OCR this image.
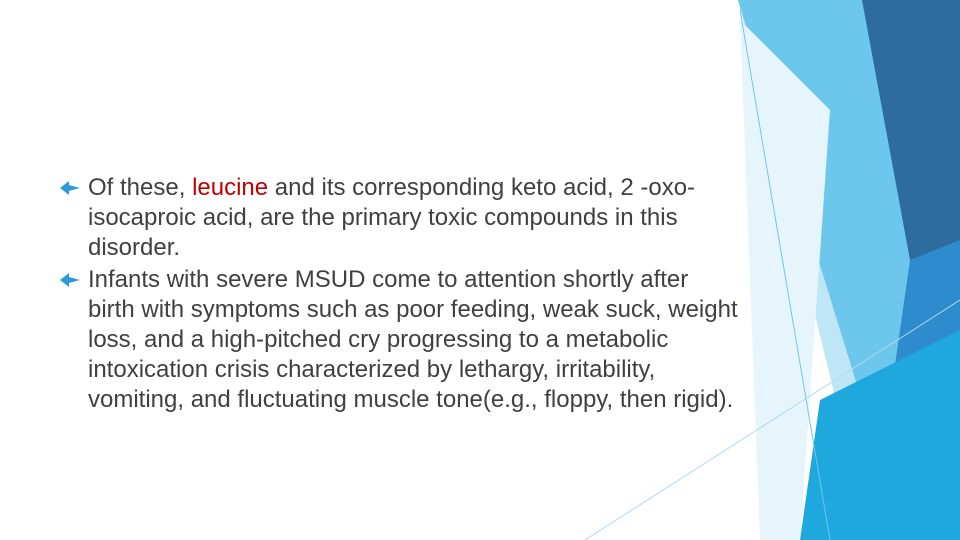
Of these, leucine and its corresponding keto acid, 2 -oxo-isocaproic acid, are the primary toxic compounds in this disorder.

Infants with severe MSUD come to attention shortly after birth with symptoms such as poor feeding, weak suck, weight loss, and a high-pitched cry progressing to a metabolic intoxication crisis characterized by lethargy, irritability, vomiting, and fluctuating muscle tone(e.g., floppy, then rigid).
